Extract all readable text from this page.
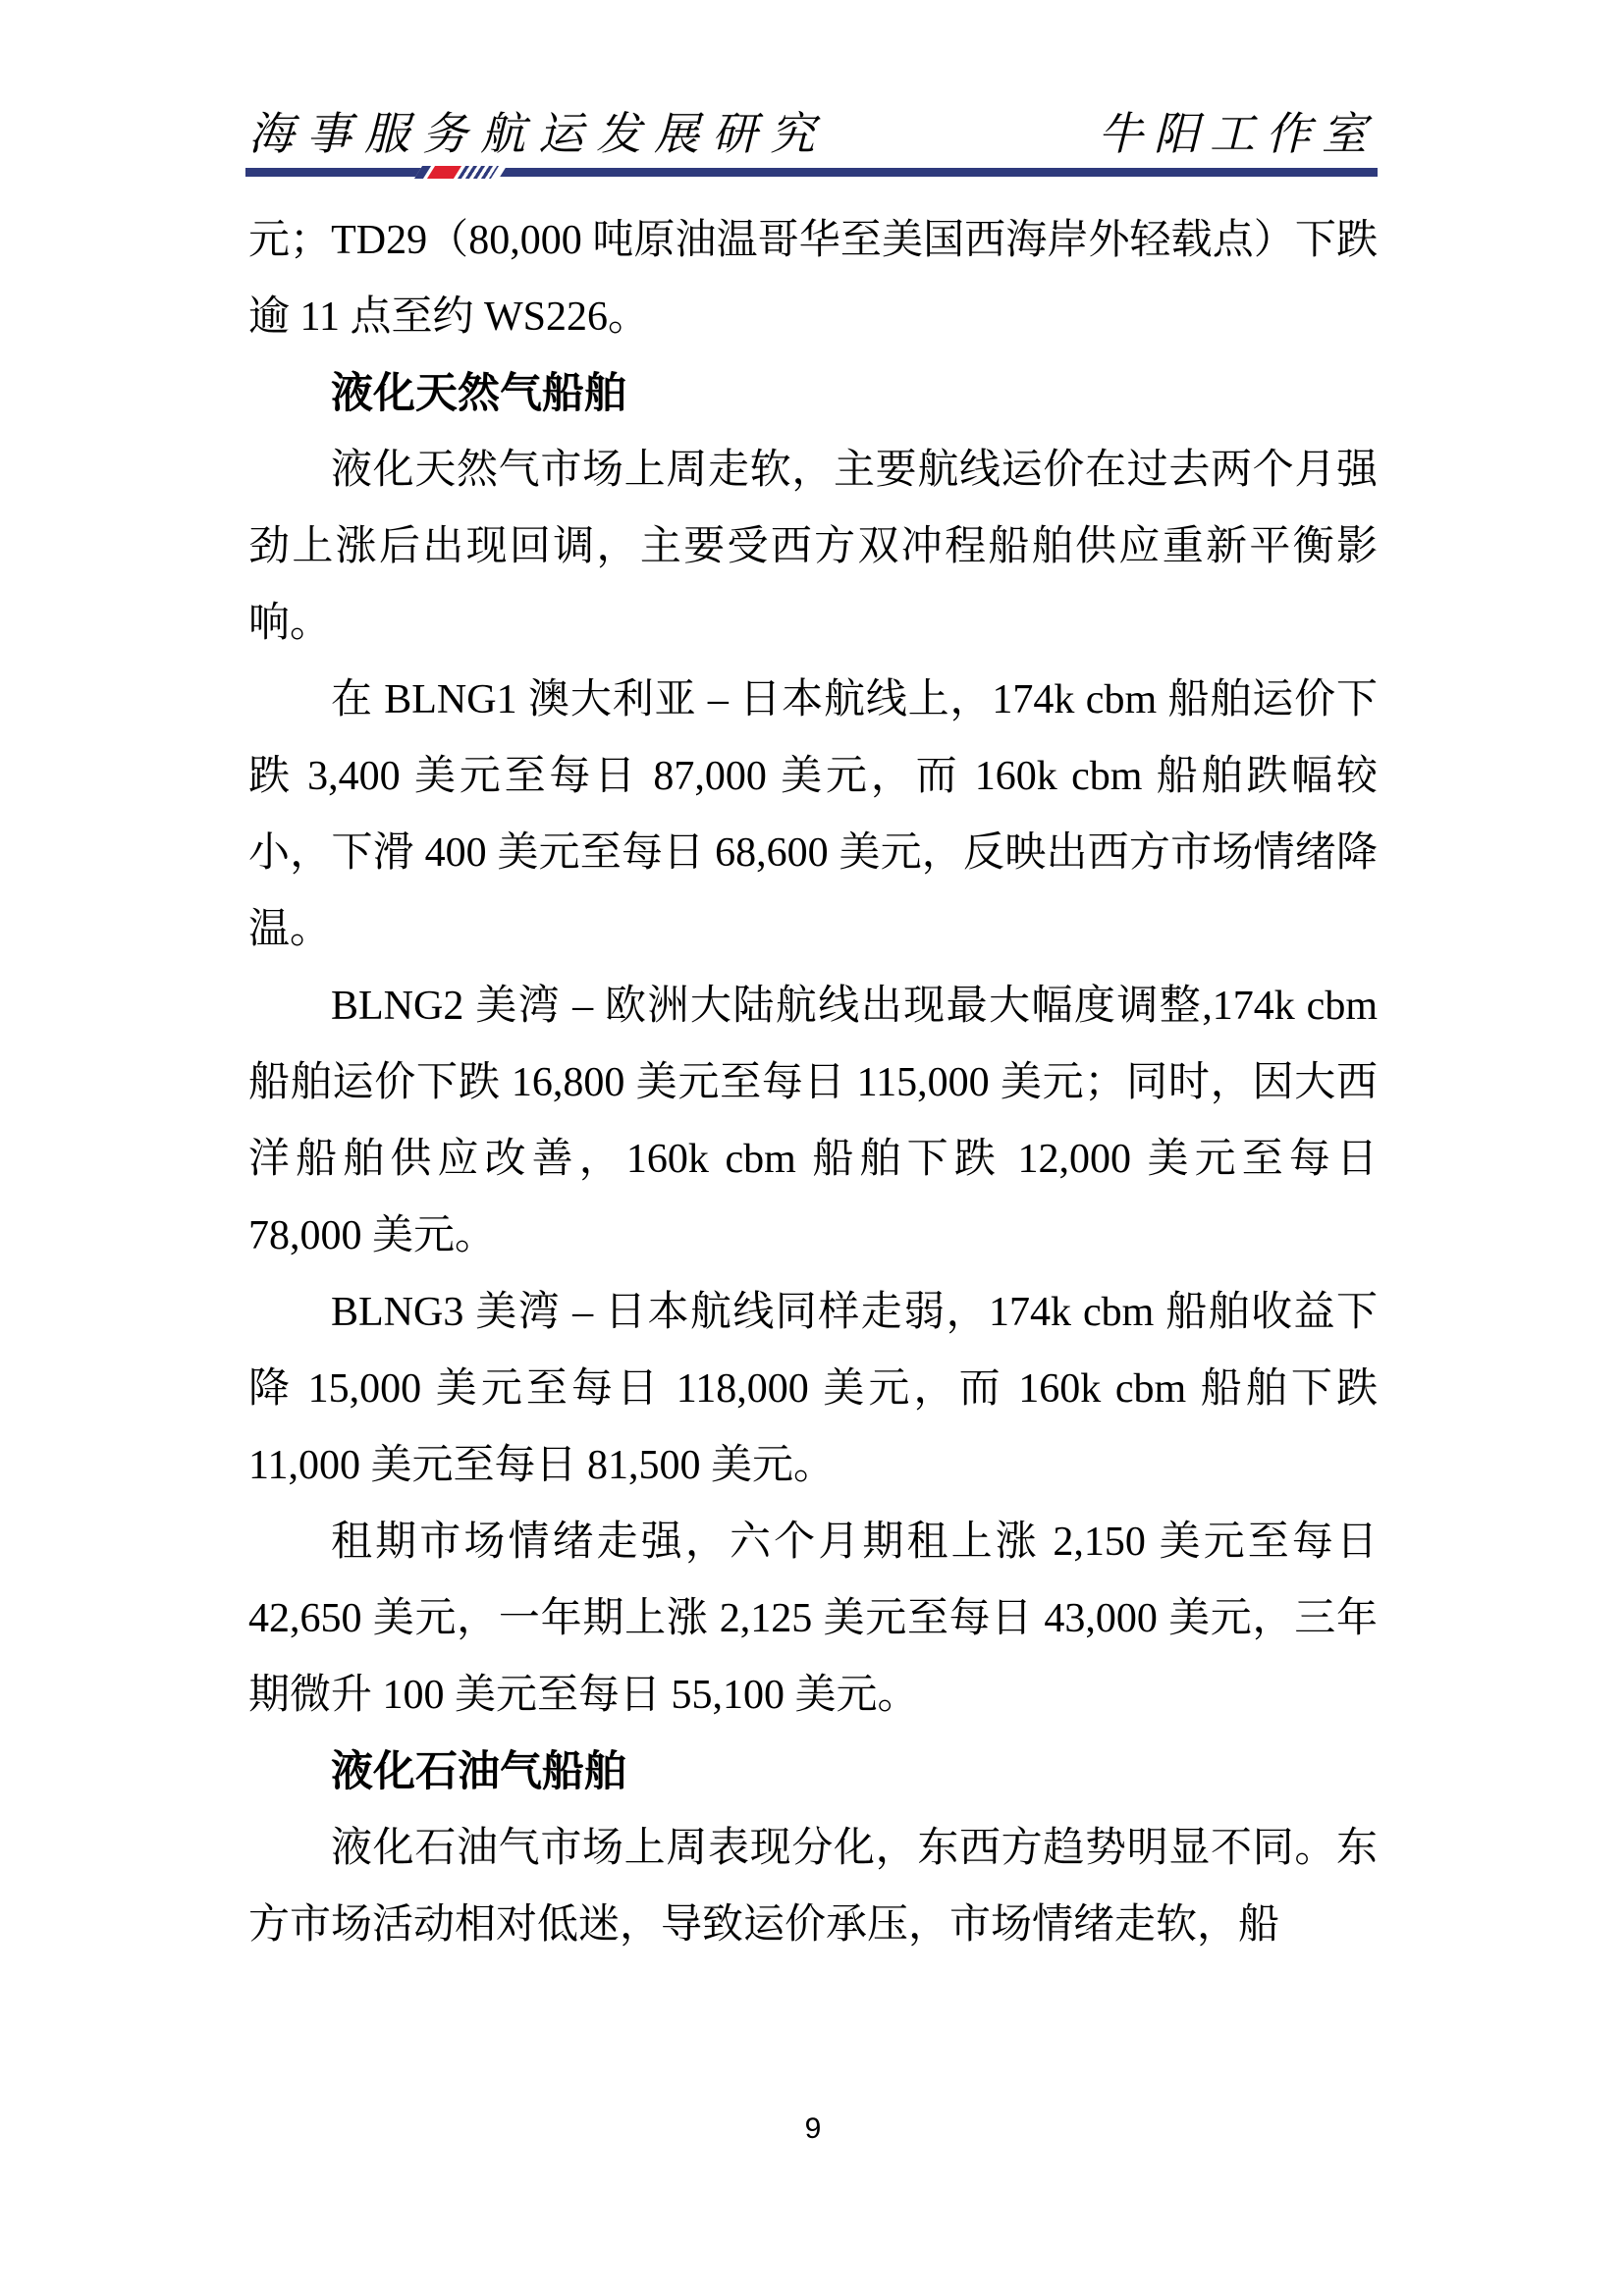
海事服务航运发展研究	牛阳工作室

元；TD29（80,000 吨原油温哥华至美国西海岸外轻载点）下跌逾 11 点至约 WS226。

液化天然气船舶

液化天然气市场上周走软，主要航线运价在过去两个月强劲上涨后出现回调，主要受西方双冲程船舶供应重新平衡影响。

在 BLNG1 澳大利亚 – 日本航线上，174k cbm 船舶运价下跌 3,400 美元至每日 87,000 美元，而 160k cbm 船舶跌幅较小，下滑 400 美元至每日 68,600 美元，反映出西方市场情绪降温。

BLNG2 美湾 – 欧洲大陆航线出现最大幅度调整,174k cbm 船舶运价下跌 16,800 美元至每日 115,000 美元；同时，因大西洋船舶供应改善，160k cbm 船舶下跌 12,000 美元至每日 78,000 美元。

BLNG3 美湾 – 日本航线同样走弱，174k cbm 船舶收益下降 15,000 美元至每日 118,000 美元，而 160k cbm 船舶下跌 11,000 美元至每日 81,500 美元。

租期市场情绪走强，六个月期租上涨 2,150 美元至每日 42,650 美元，一年期上涨 2,125 美元至每日 43,000 美元，三年期微升 100 美元至每日 55,100 美元。

液化石油气船舶

液化石油气市场上周表现分化，东西方趋势明显不同。东方市场活动相对低迷，导致运价承压，市场情绪走软，船

9
